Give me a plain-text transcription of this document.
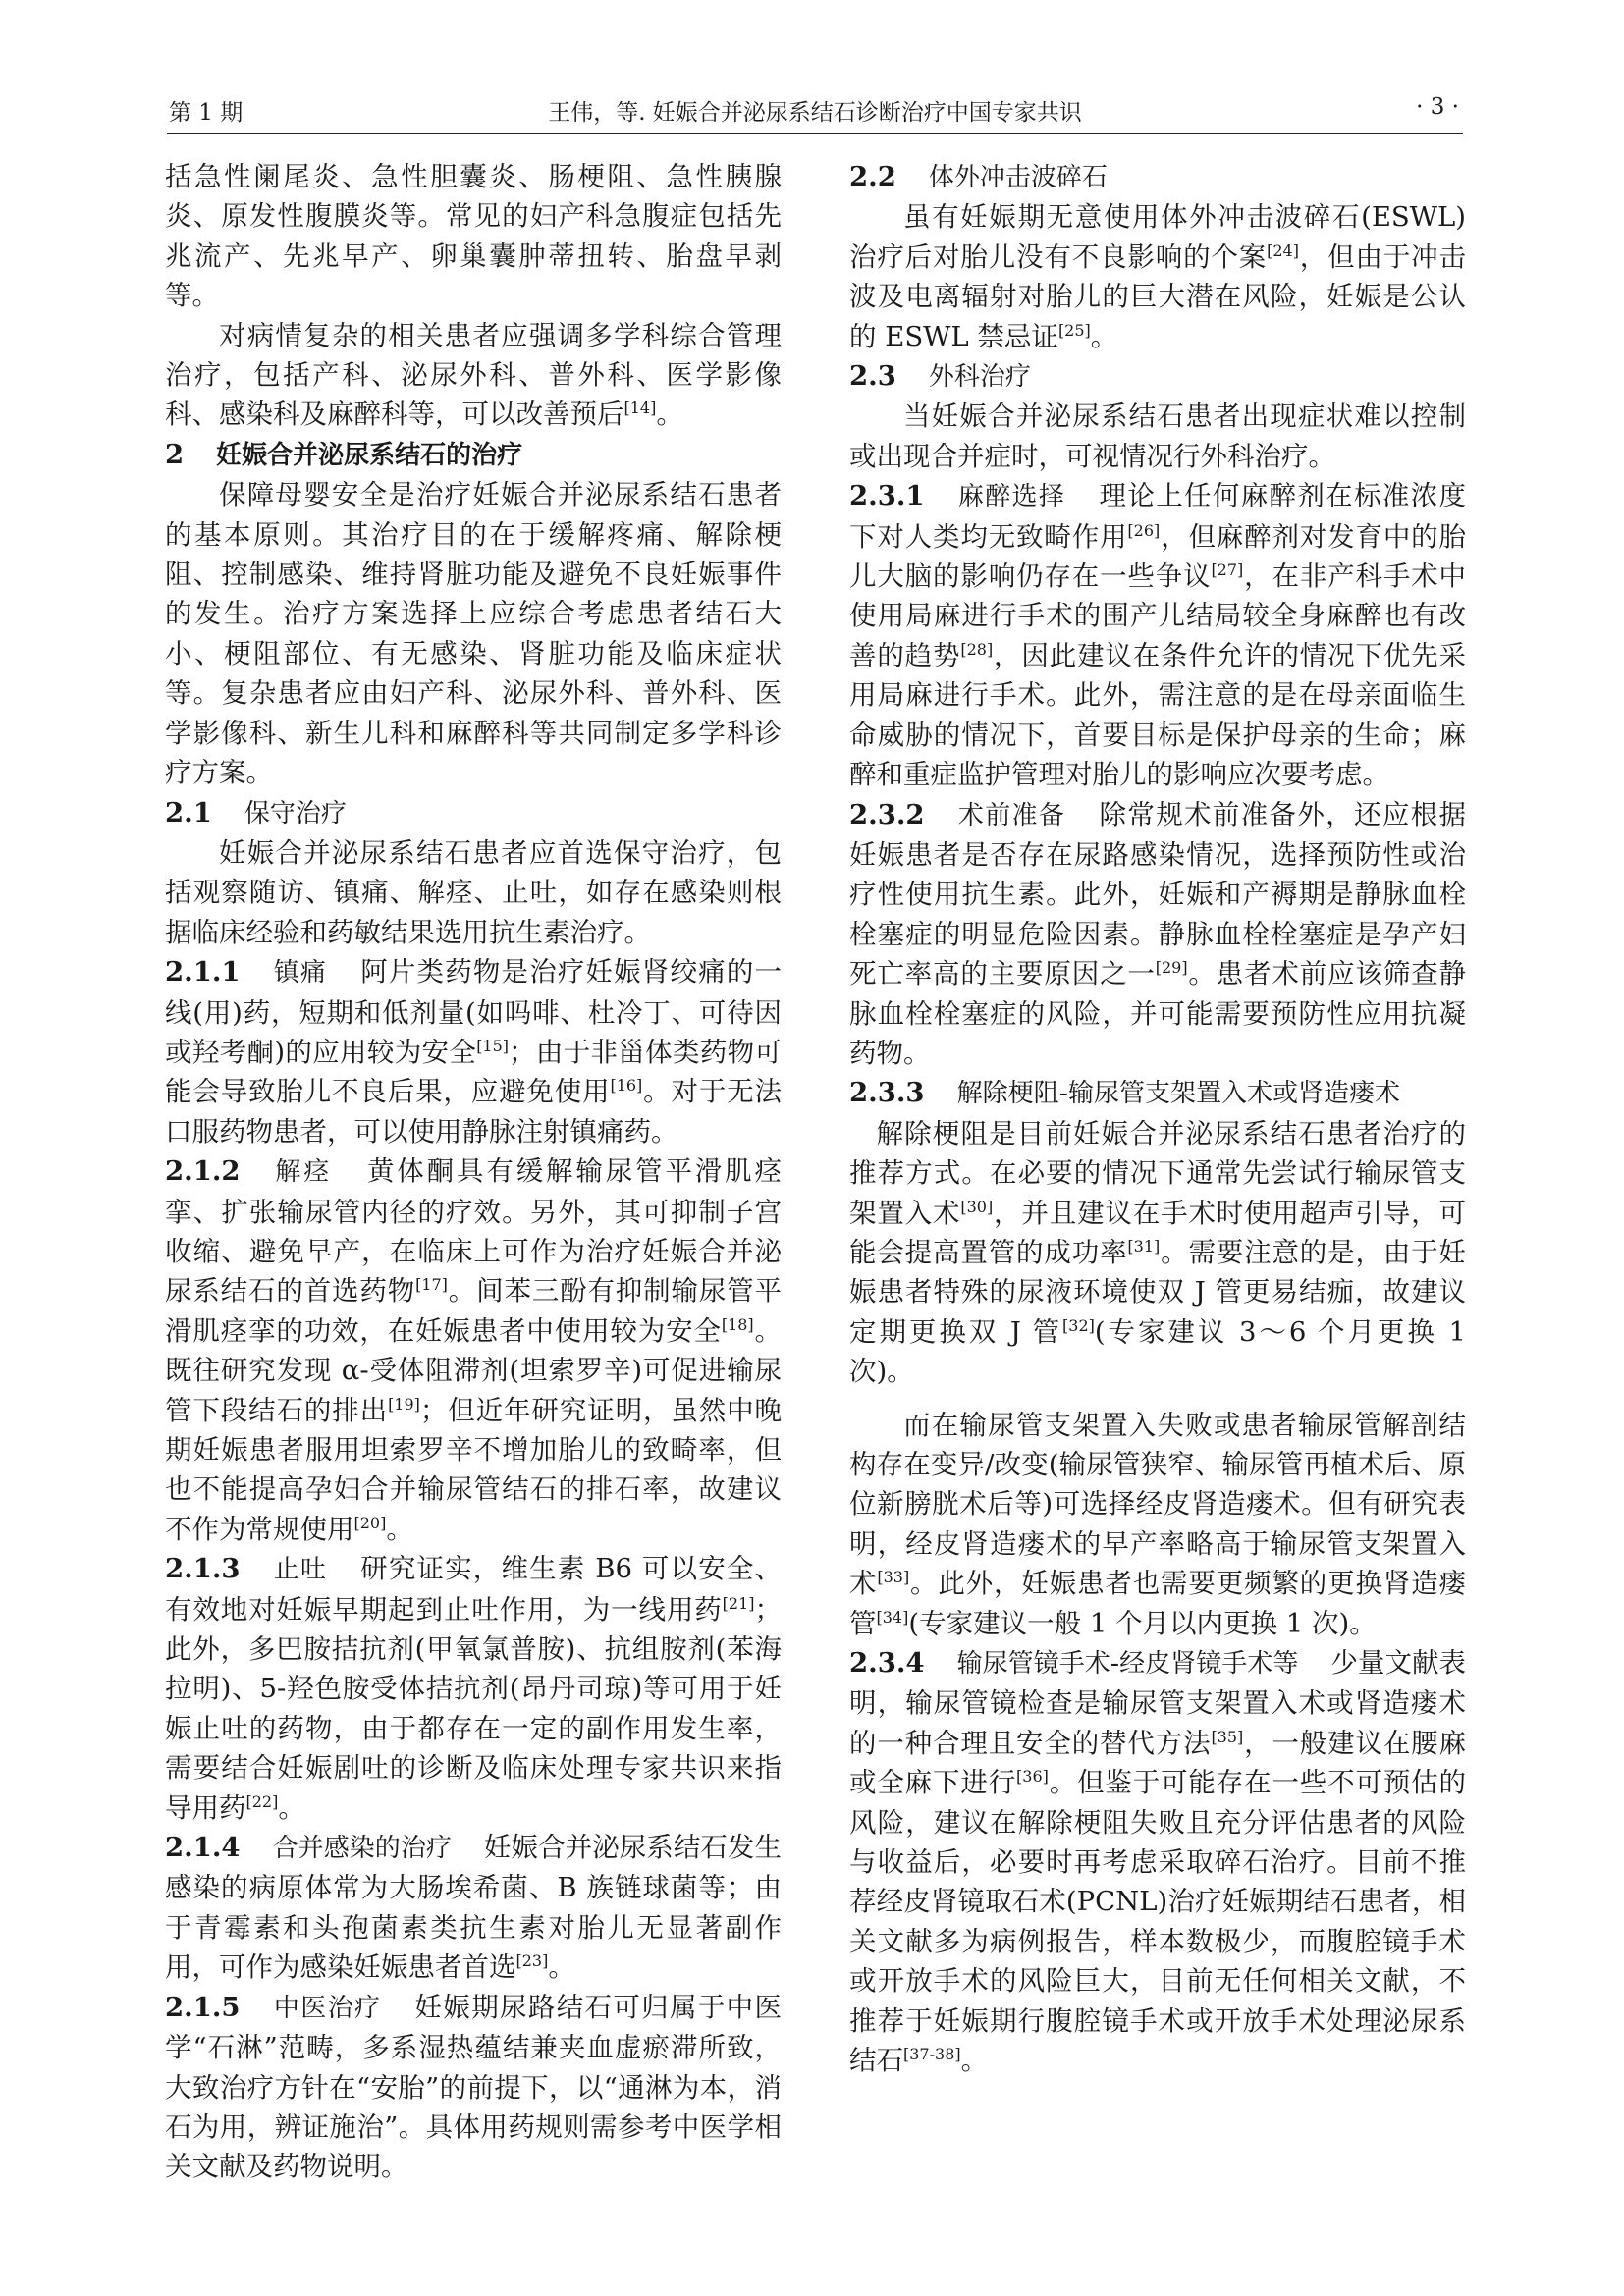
第 1 期	王伟，等. 妊娠合并泌尿系结石诊断治疗中国专家共识	· 3 ·

括急性阑尾炎、急性胆囊炎、肠梗阻、急性胰腺炎、原发性腹膜炎等。常见的妇产科急腹症包括先兆流产、先兆早产、卵巢囊肿蒂扭转、胎盘早剥等。

对病情复杂的相关患者应强调多学科综合管理治疗，包括产科、泌尿外科、普外科、医学影像科、感染科及麻醉科等，可以改善预后[14]。

2 妊娠合并泌尿系结石的治疗

保障母婴安全是治疗妊娠合并泌尿系结石患者的基本原则。其治疗目的在于缓解疼痛、解除梗阻、控制感染、维持肾脏功能及避免不良妊娠事件的发生。治疗方案选择上应综合考虑患者结石大小、梗阻部位、有无感染、肾脏功能及临床症状等。复杂患者应由妇产科、泌尿外科、普外科、医学影像科、新生儿科和麻醉科等共同制定多学科诊疗方案。

2.1 保守治疗

妊娠合并泌尿系结石患者应首选保守治疗，包括观察随访、镇痛、解痉、止吐，如存在感染则根据临床经验和药敏结果选用抗生素治疗。

2.1.1 镇痛 阿片类药物是治疗妊娠肾绞痛的一线(用)药，短期和低剂量(如吗啡、杜冷丁、可待因或羟考酮)的应用较为安全[15]；由于非甾体类药物可能会导致胎儿不良后果，应避免使用[16]。对于无法口服药物患者，可以使用静脉注射镇痛药。

2.1.2 解痉 黄体酮具有缓解输尿管平滑肌痉挛、扩张输尿管内径的疗效。另外，其可抑制子宫收缩、避免早产，在临床上可作为治疗妊娠合并泌尿系结石的首选药物[17]。间苯三酚有抑制输尿管平滑肌痉挛的功效，在妊娠患者中使用较为安全[18]。既往研究发现 α-受体阻滞剂(坦索罗辛)可促进输尿管下段结石的排出[19]；但近年研究证明，虽然中晚期妊娠患者服用坦索罗辛不增加胎儿的致畸率，但也不能提高孕妇合并输尿管结石的排石率，故建议不作为常规使用[20]。

2.1.3 止吐 研究证实，维生素 B6 可以安全、有效地对妊娠早期起到止吐作用，为一线用药[21]；此外，多巴胺拮抗剂(甲氧氯普胺)、抗组胺剂(苯海拉明)、5-羟色胺受体拮抗剂(昂丹司琼)等可用于妊娠止吐的药物，由于都存在一定的副作用发生率，需要结合妊娠剧吐的诊断及临床处理专家共识来指导用药[22]。

2.1.4 合并感染的治疗 妊娠合并泌尿系结石发生感染的病原体常为大肠埃希菌、B 族链球菌等；由于青霉素和头孢菌素类抗生素对胎儿无显著副作用，可作为感染妊娠患者首选[23]。

2.1.5 中医治疗 妊娠期尿路结石可归属于中医学“石淋”范畴，多系湿热蕴结兼夹血虚瘀滞所致，大致治疗方针在“安胎”的前提下，以“通淋为本，消石为用，辨证施治”。具体用药规则需参考中医学相关文献及药物说明。

2.2 体外冲击波碎石

虽有妊娠期无意使用体外冲击波碎石(ESWL)治疗后对胎儿没有不良影响的个案[24]，但由于冲击波及电离辐射对胎儿的巨大潜在风险，妊娠是公认的 ESWL 禁忌证[25]。

2.3 外科治疗

当妊娠合并泌尿系结石患者出现症状难以控制或出现合并症时，可视情况行外科治疗。

2.3.1 麻醉选择 理论上任何麻醉剂在标准浓度下对人类均无致畸作用[26]，但麻醉剂对发育中的胎儿大脑的影响仍存在一些争议[27]，在非产科手术中使用局麻进行手术的围产儿结局较全身麻醉也有改善的趋势[28]，因此建议在条件允许的情况下优先采用局麻进行手术。此外，需注意的是在母亲面临生命威胁的情况下，首要目标是保护母亲的生命；麻醉和重症监护管理对胎儿的影响应次要考虑。

2.3.2 术前准备 除常规术前准备外，还应根据妊娠患者是否存在尿路感染情况，选择预防性或治疗性使用抗生素。此外，妊娠和产褥期是静脉血栓栓塞症的明显危险因素。静脉血栓栓塞症是孕产妇死亡率高的主要原因之一[29]。患者术前应该筛查静脉血栓栓塞症的风险，并可能需要预防性应用抗凝药物。

2.3.3 解除梗阻-输尿管支架置入术或肾造瘘术

解除梗阻是目前妊娠合并泌尿系结石患者治疗的推荐方式。在必要的情况下通常先尝试行输尿管支架置入术[30]，并且建议在手术时使用超声引导，可能会提高置管的成功率[31]。需要注意的是，由于妊娠患者特殊的尿液环境使双 J 管更易结痂，故建议定期更换双 J 管[32](专家建议 3～6 个月更换 1 次)。

而在输尿管支架置入失败或患者输尿管解剖结构存在变异/改变(输尿管狭窄、输尿管再植术后、原位新膀胱术后等)可选择经皮肾造瘘术。但有研究表明，经皮肾造瘘术的早产率略高于输尿管支架置入术[33]。此外，妊娠患者也需要更频繁的更换肾造瘘管[34](专家建议一般 1 个月以内更换 1 次)。

2.3.4 输尿管镜手术-经皮肾镜手术等 少量文献表明，输尿管镜检查是输尿管支架置入术或肾造瘘术的一种合理且安全的替代方法[35]，一般建议在腰麻或全麻下进行[36]。但鉴于可能存在一些不可预估的风险，建议在解除梗阻失败且充分评估患者的风险与收益后，必要时再考虑采取碎石治疗。目前不推荐经皮肾镜取石术(PCNL)治疗妊娠期结石患者，相关文献多为病例报告，样本数极少，而腹腔镜手术或开放手术的风险巨大，目前无任何相关文献，不推荐于妊娠期行腹腔镜手术或开放手术处理泌尿系结石[37-38]。
